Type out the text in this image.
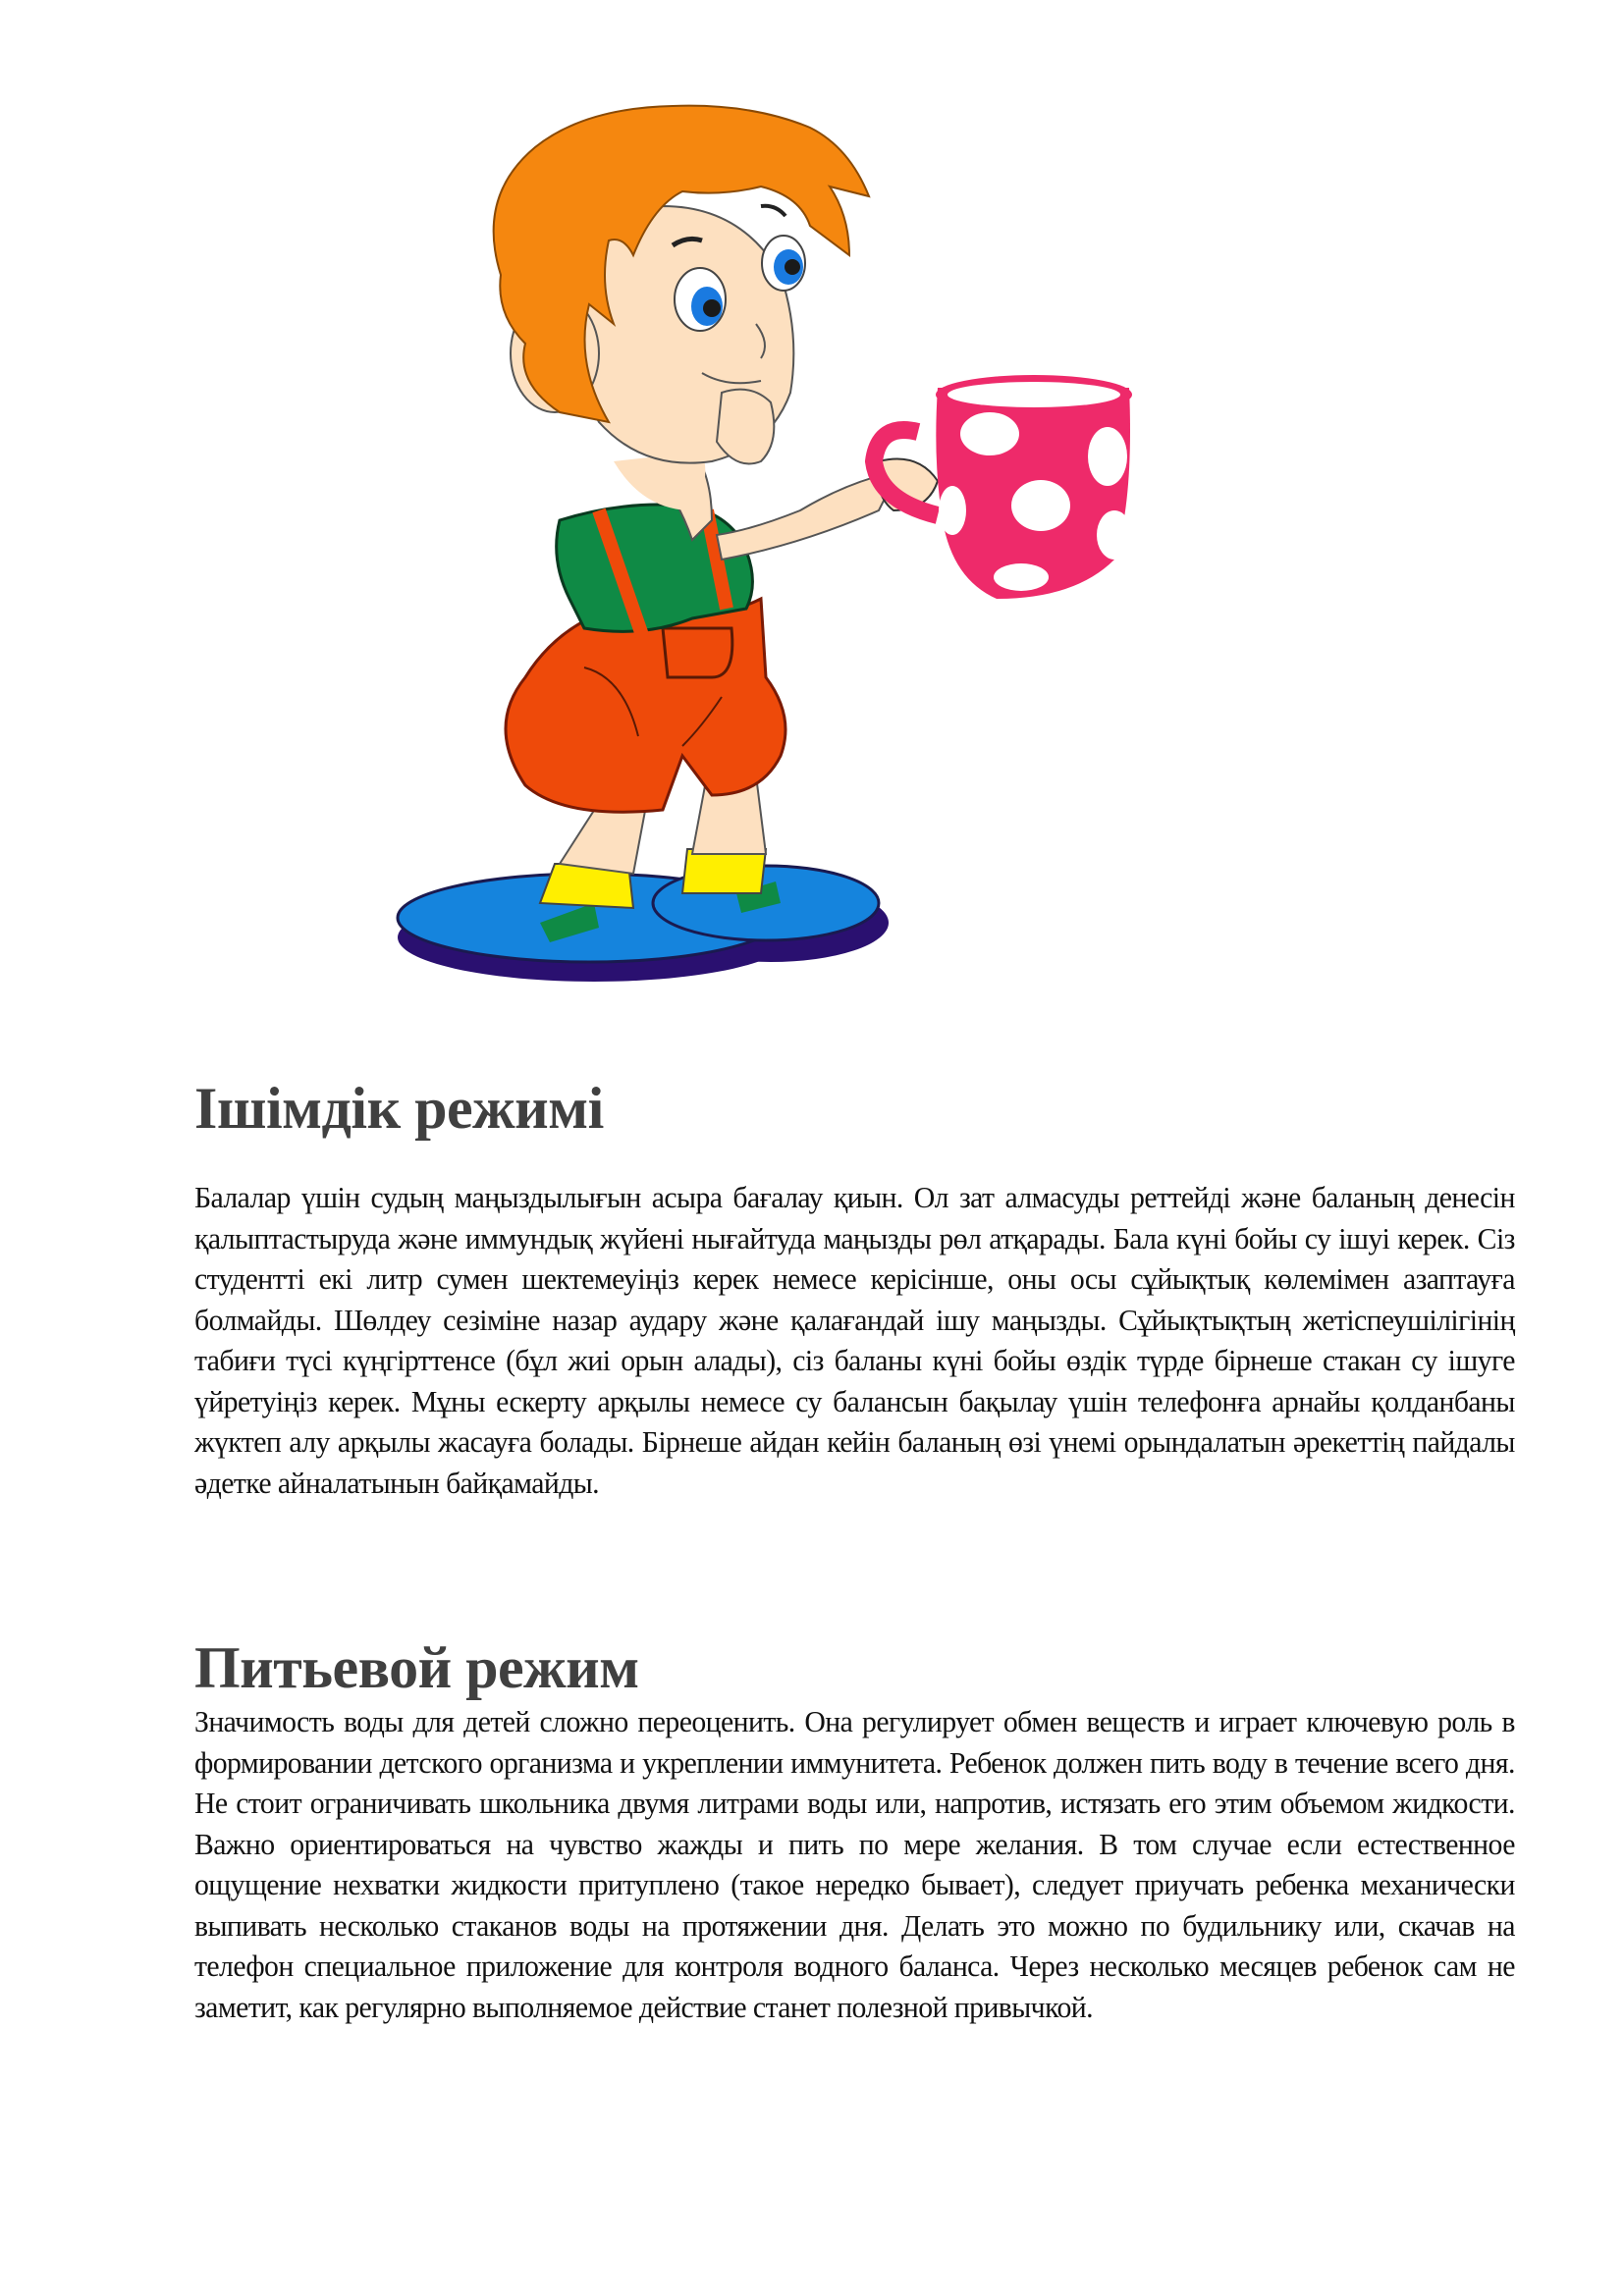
Ішімдік режимі

Балалар үшін судың маңыздылығын асыра бағалау қиын. Ол зат алмасуды реттейді және баланың денесін қалыптастыруда және иммундық жүйені нығайтуда маңызды рөл атқарады. Бала күні бойы су ішуі керек. Сіз студентті екі литр сумен шектемеуіңіз керек немесе керісінше, оны осы сұйықтық көлемімен азаптауға болмайды. Шөлдеу сезіміне назар аудару және қалағандай ішу маңызды. Сұйықтықтың жетіспеушілігінің табиғи түсі күңгірттенсе (бұл жиі орын алады), сіз баланы күні бойы өздік түрде бірнеше стакан су ішуге үйретуіңіз керек. Мұны ескерту арқылы немесе су балансын бақылау үшін телефонға арнайы қолданбаны жүктеп алу арқылы жасауға болады. Бірнеше айдан кейін баланың өзі үнемі орындалатын әрекеттің пайдалы әдетке айналатынын байқамайды.

Питьевой режим

Значимость воды для детей сложно переоценить. Она регулирует обмен веществ и играет ключевую роль в формировании детского организма и укреплении иммунитета. Ребенок должен пить воду в течение всего дня. Не стоит ограничивать школьника двумя литрами воды или, напротив, истязать его этим объемом жидкости. Важно ориентироваться на чувство жажды и пить по мере желания. В том случае если естественное ощущение нехватки жидкости притуплено (такое нередко бывает), следует приучать ребенка механически выпивать несколько стаканов воды на протяжении дня. Делать это можно по будильнику или, скачав на телефон специальное приложение для контроля водного баланса. Через несколько месяцев ребенок сам не заметит, как регулярно выполняемое действие станет полезной привычкой.
